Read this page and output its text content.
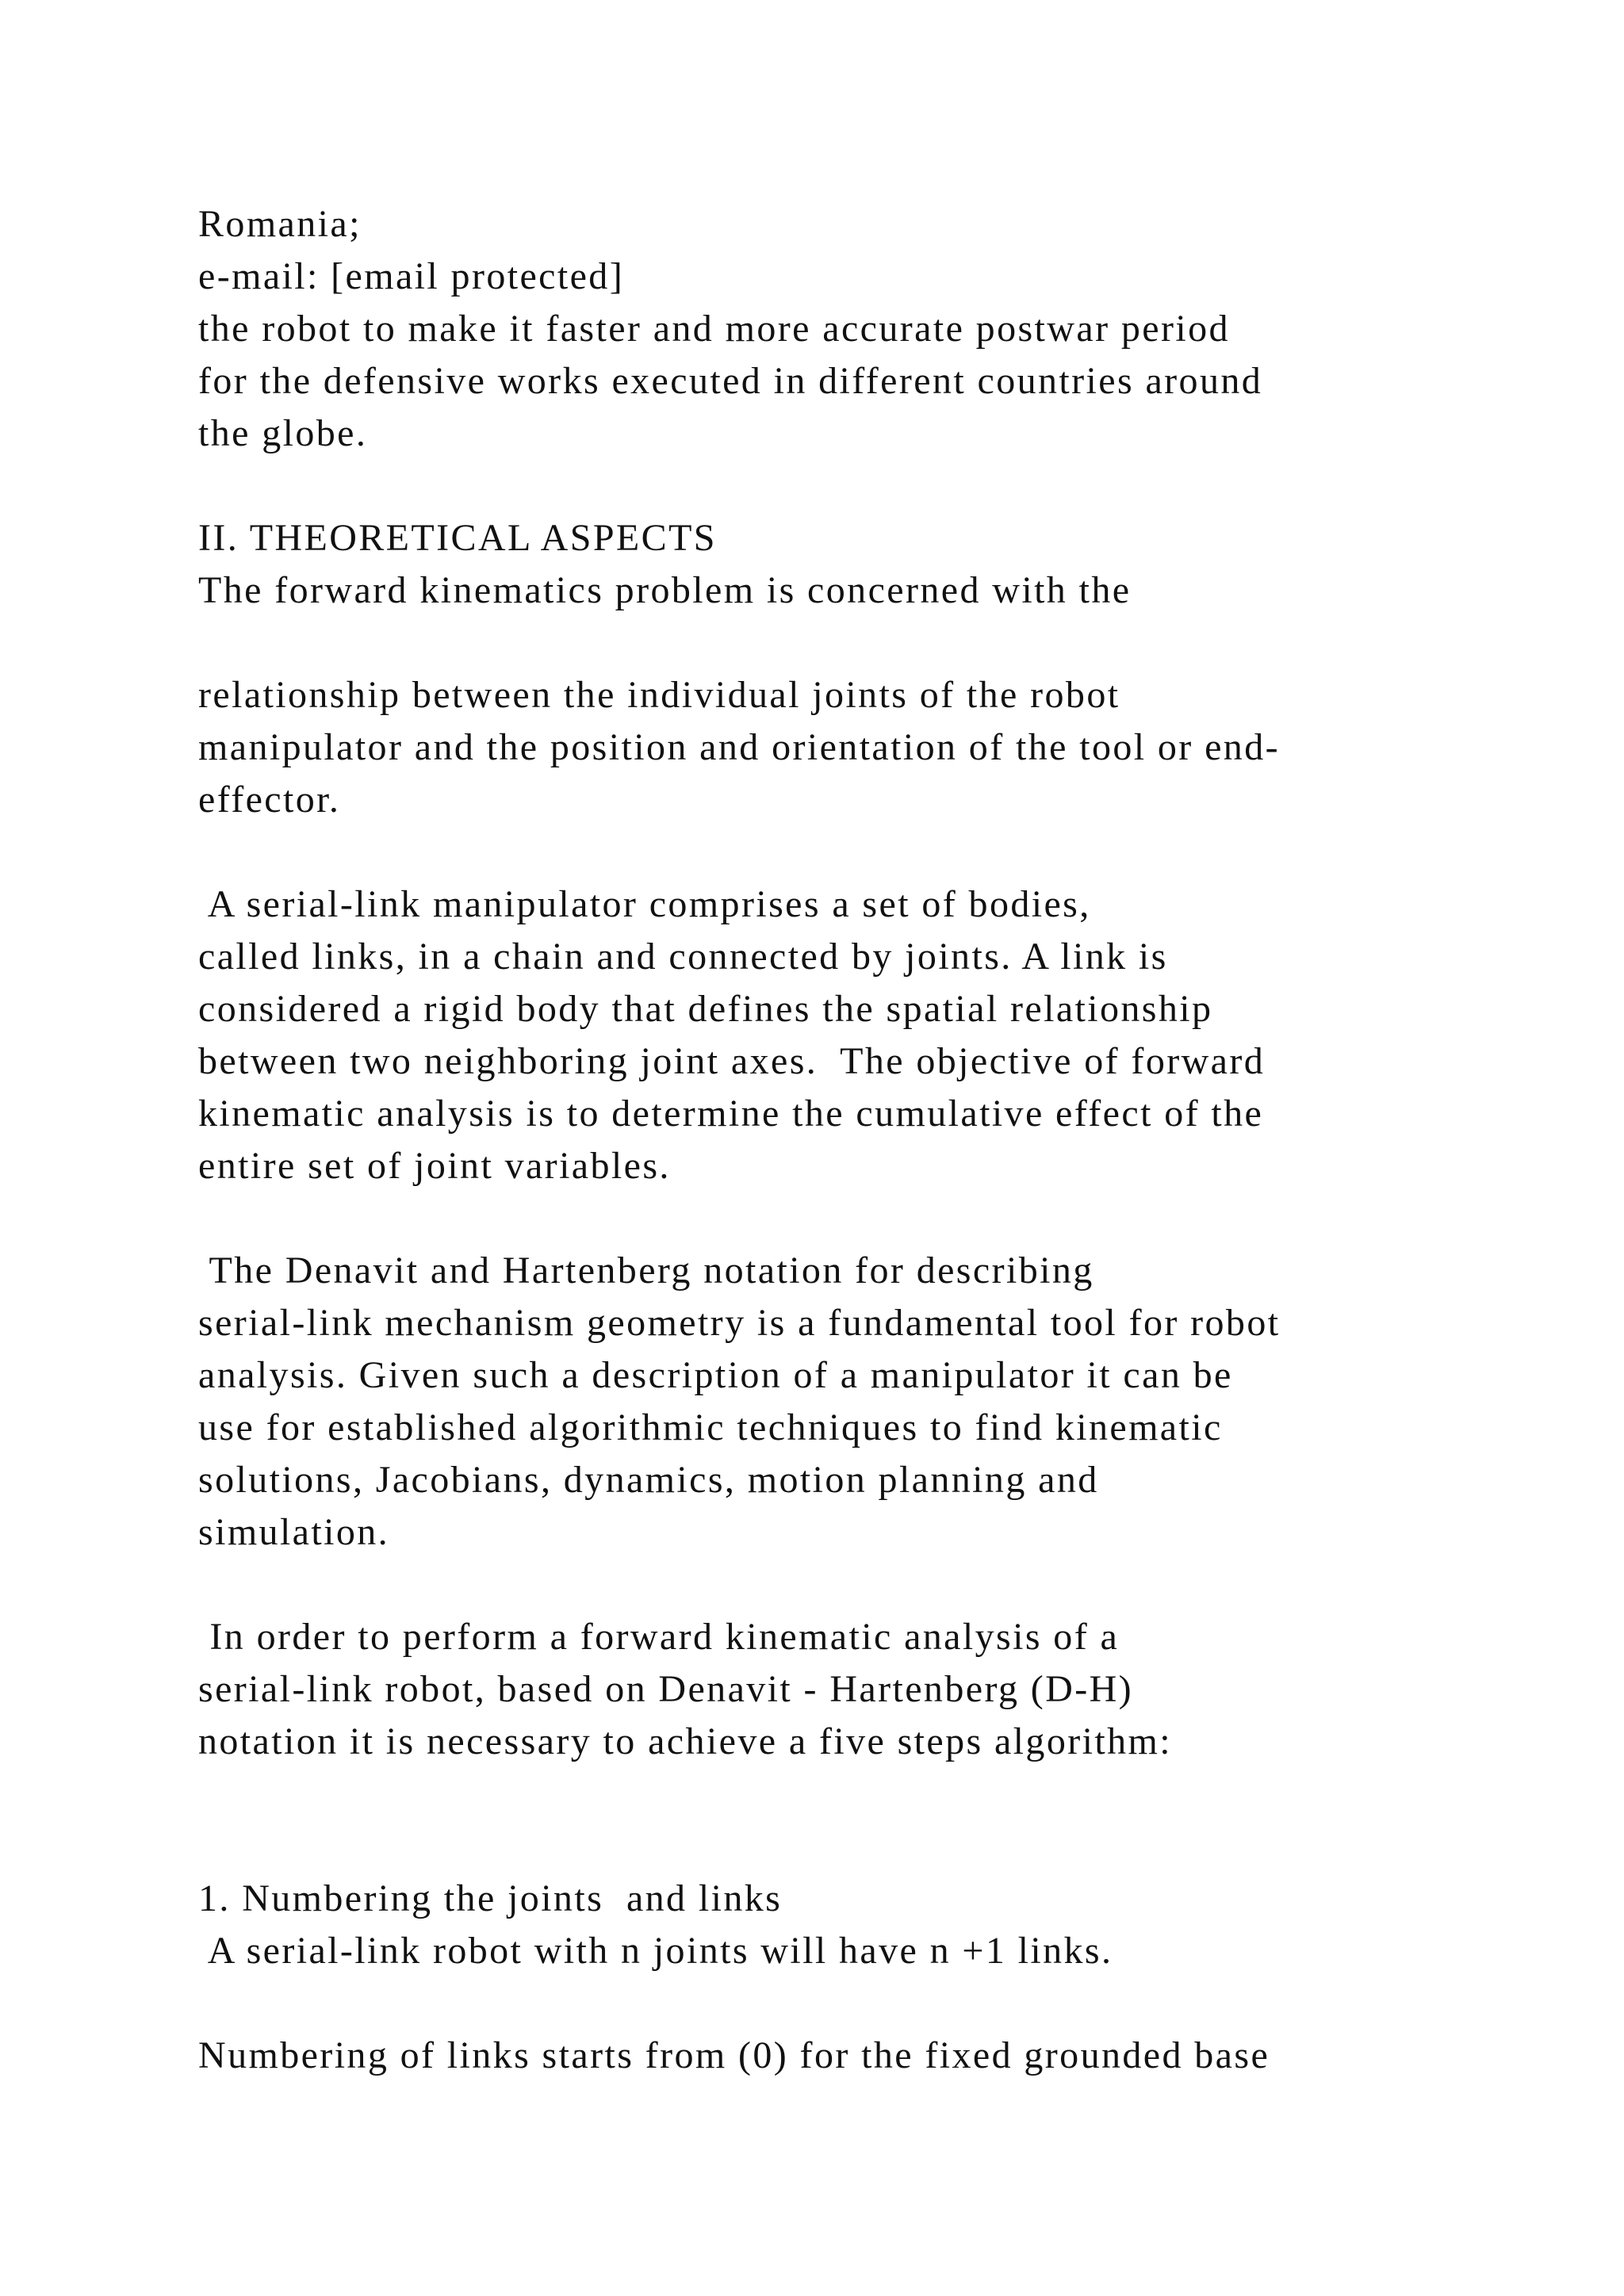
Romania;
e-mail: [email protected]
the robot to make it faster and more accurate postwar period
for the defensive works executed in different countries around
the globe.
II. THEORETICAL ASPECTS
The forward kinematics problem is concerned with the
relationship between the individual joints of the robot
manipulator and the position and orientation of the tool or end-
effector.
A serial-link manipulator comprises a set of bodies,
called links, in a chain and connected by joints. A link is
considered a rigid body that defines the spatial relationship
between two neighboring joint axes.  The objective of forward
kinematic analysis is to determine the cumulative effect of the
entire set of joint variables.
The Denavit and Hartenberg notation for describing
serial-link mechanism geometry is a fundamental tool for robot
analysis. Given such a description of a manipulator it can be
use for established algorithmic techniques to find kinematic
solutions, Jacobians, dynamics, motion planning and
simulation.
In order to perform a forward kinematic analysis of a
serial-link robot, based on Denavit - Hartenberg (D-H)
notation it is necessary to achieve a five steps algorithm:
1. Numbering the joints  and links
A serial-link robot with n joints will have n +1 links.
Numbering of links starts from (0) for the fixed grounded base
